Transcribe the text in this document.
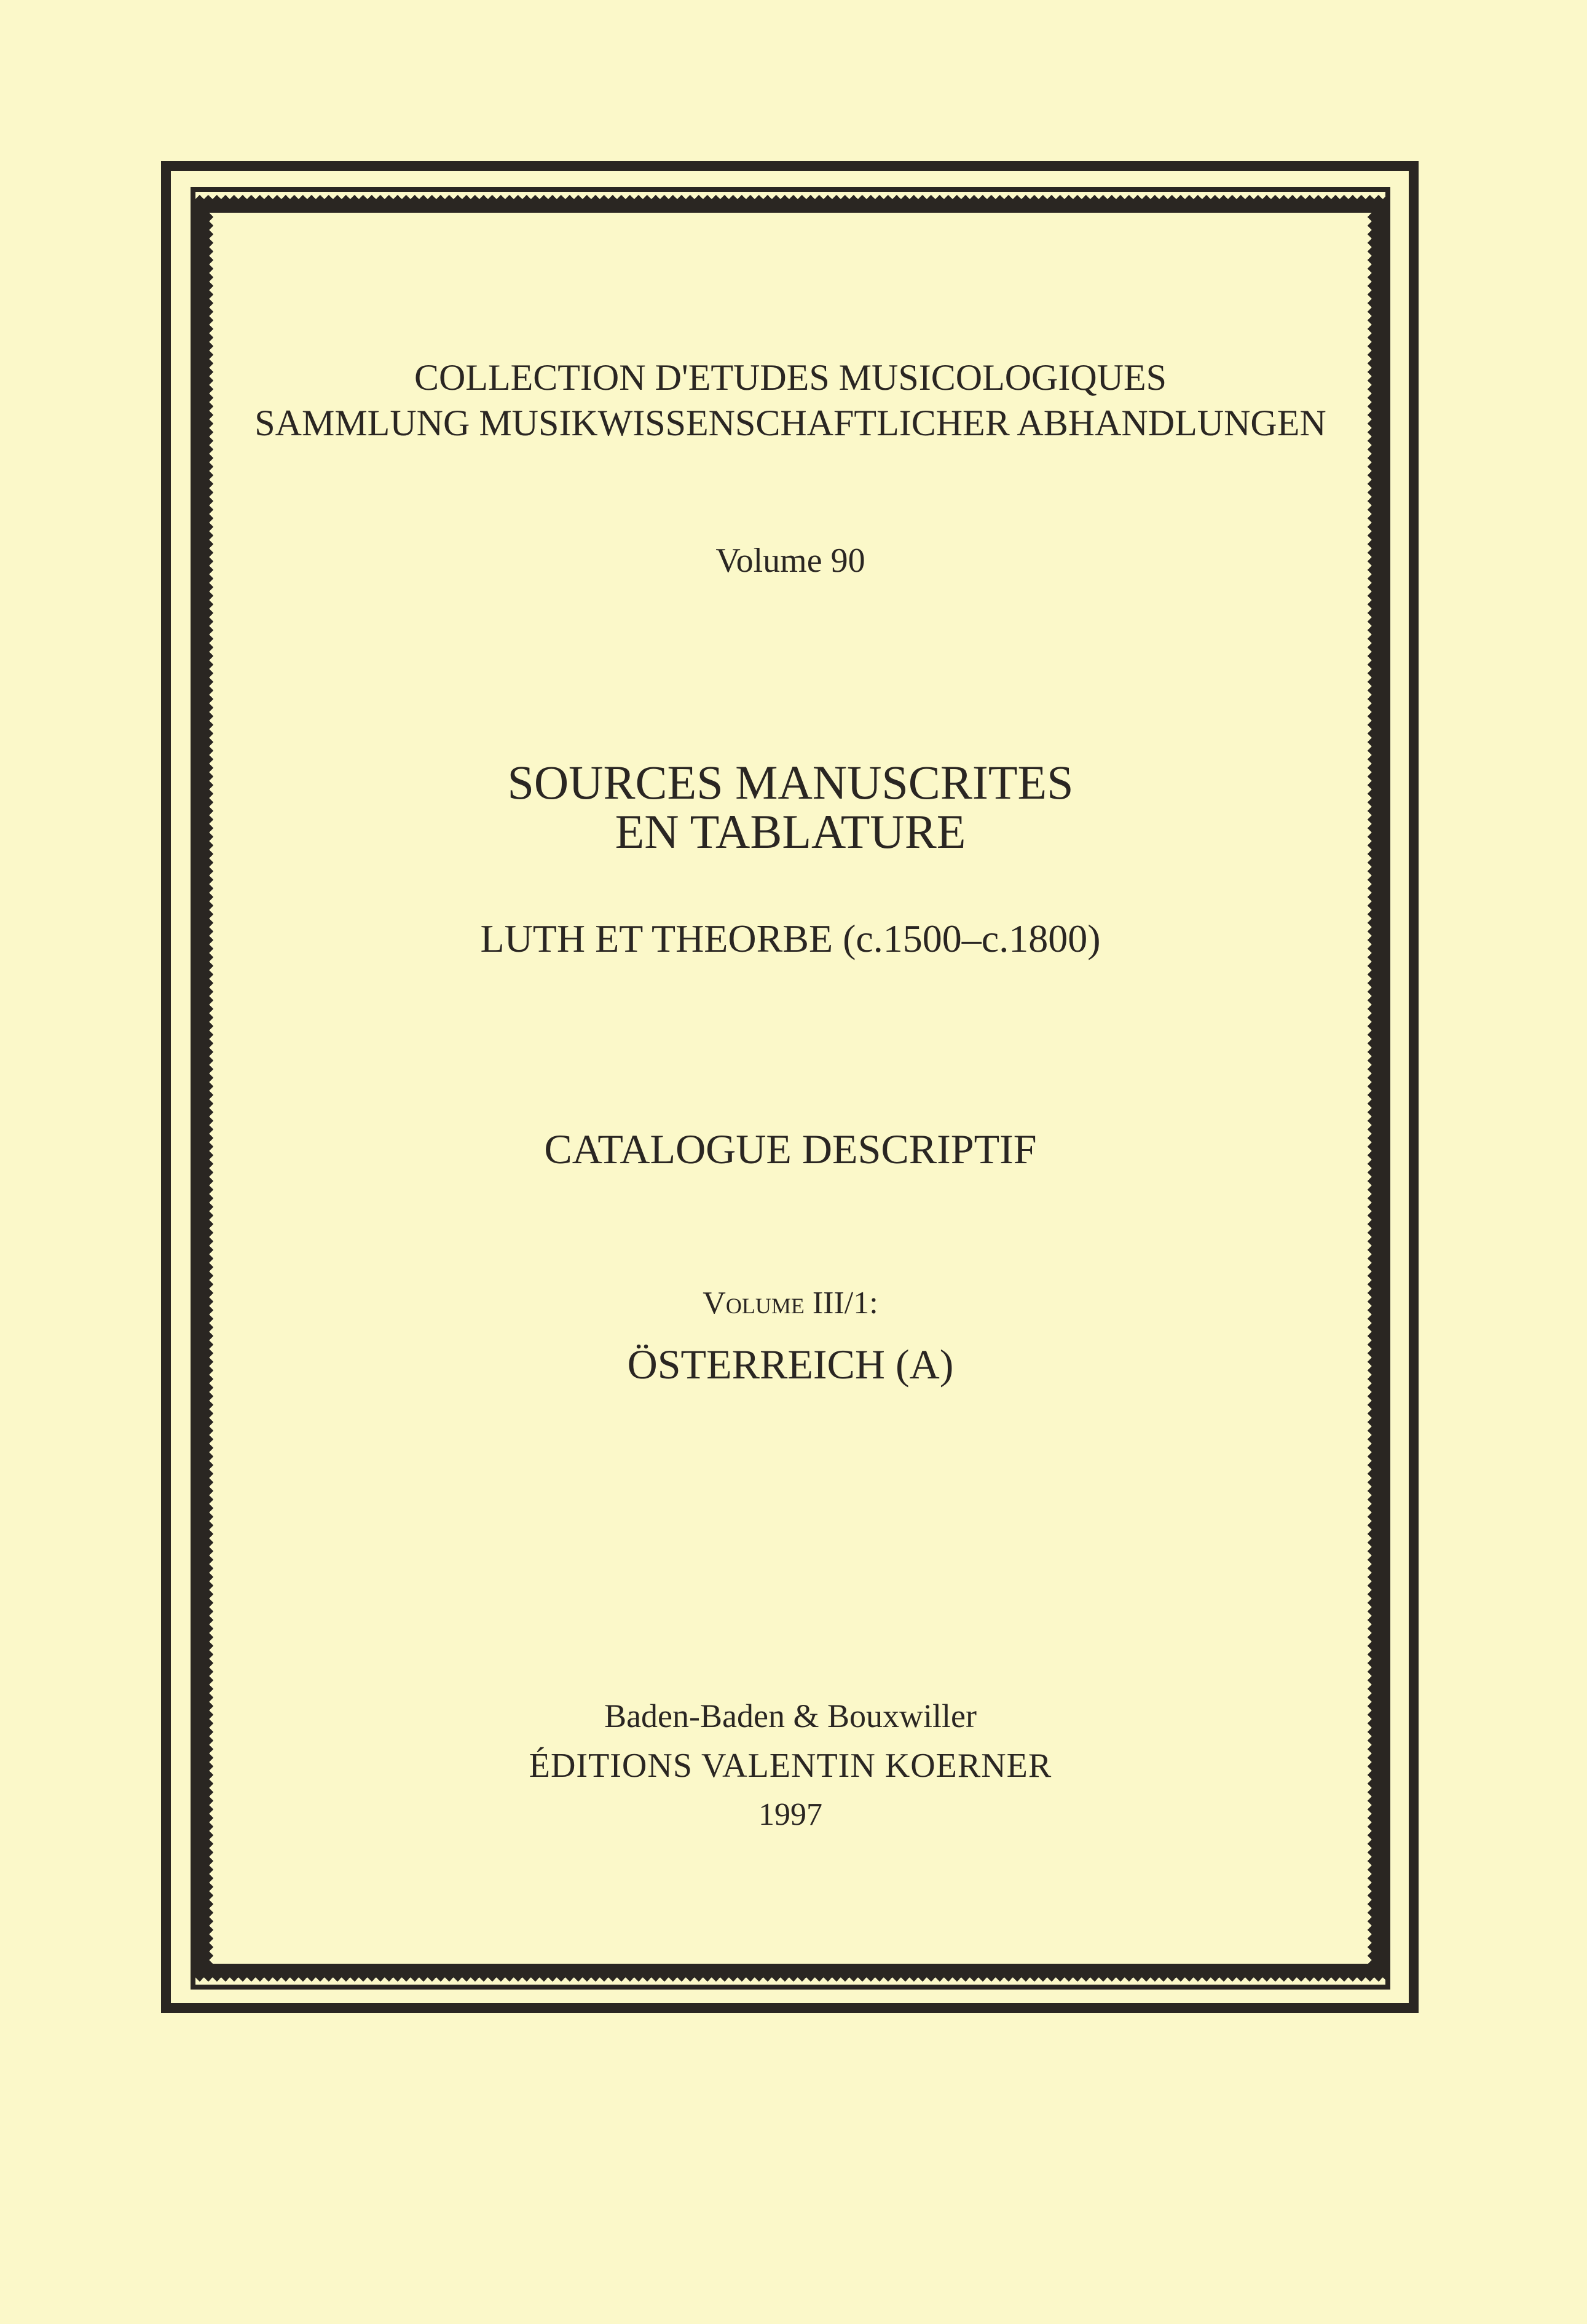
COLLECTION D'ETUDES MUSICOLOGIQUES
SAMMLUNG MUSIKWISSENSCHAFTLICHER ABHANDLUNGEN
Volume 90
SOURCES MANUSCRITES
EN TABLATURE
LUTH ET THEORBE (c.1500–c.1800)
CATALOGUE DESCRIPTIF
Volume III/1:
ÖSTERREICH (A)
Baden-Baden & Bouxwiller
ÉDITIONS VALENTIN KOERNER
1997
